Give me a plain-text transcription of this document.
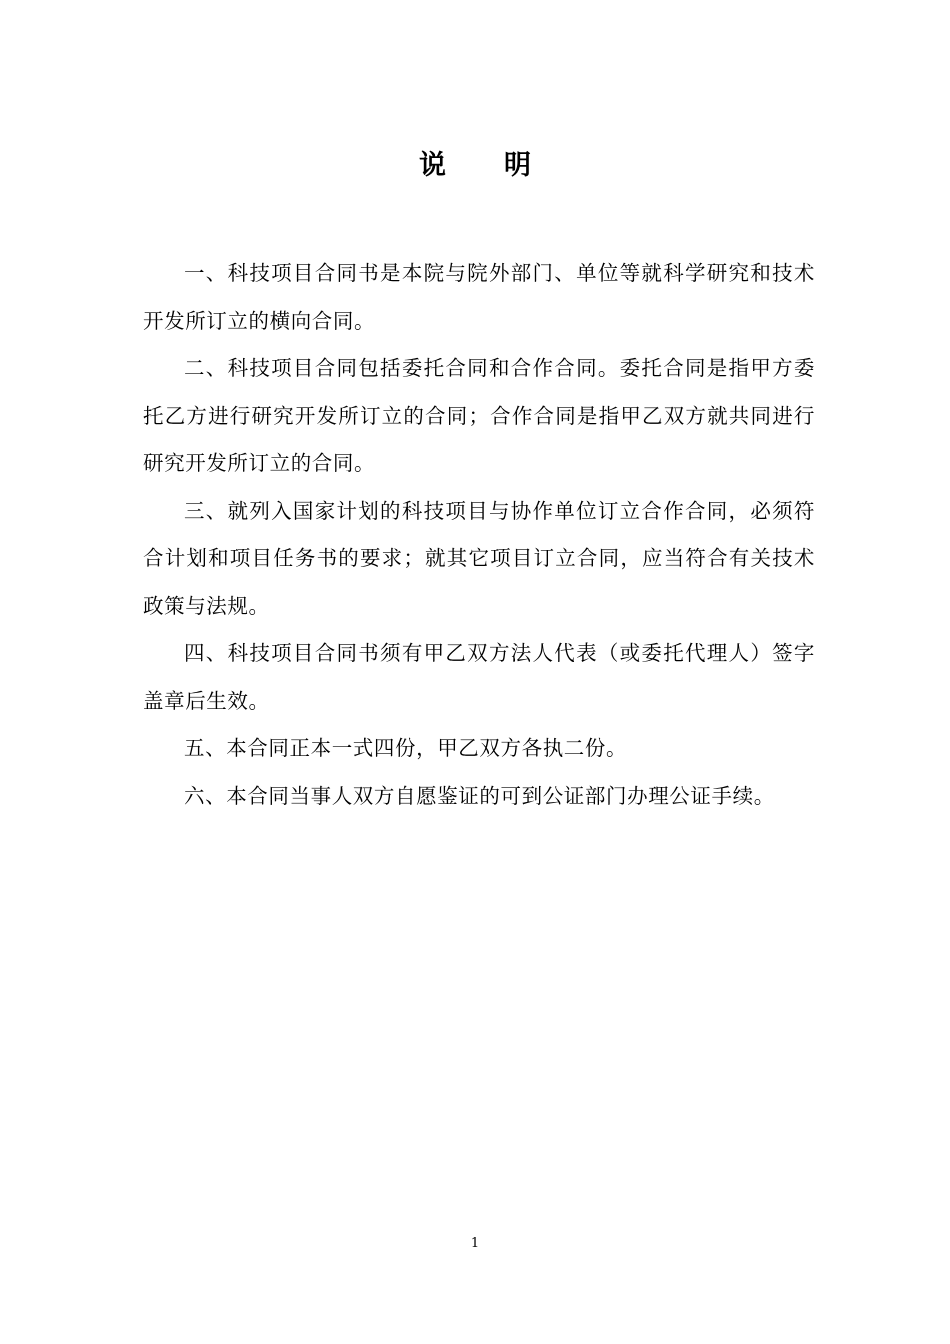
说 明

一、科技项目合同书是本院与院外部门、单位等就科学研究和技术开发所订立的横向合同。

二、科技项目合同包括委托合同和合作合同。委托合同是指甲方委托乙方进行研究开发所订立的合同；合作合同是指甲乙双方就共同进行研究开发所订立的合同。

三、就列入国家计划的科技项目与协作单位订立合作合同，必须符合计划和项目任务书的要求；就其它项目订立合同，应当符合有关技术政策与法规。

四、科技项目合同书须有甲乙双方法人代表（或委托代理人）签字盖章后生效。

五、本合同正本一式四份，甲乙双方各执二份。

六、本合同当事人双方自愿鉴证的可到公证部门办理公证手续。

1
